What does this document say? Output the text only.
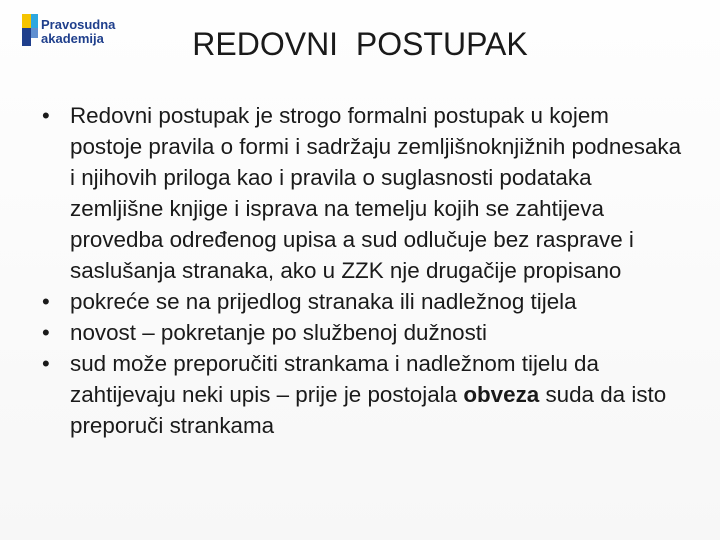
Pravosudna
akademija	REDOVNI  POSTUPAK
• Redovni postupak je strogo formalni postupak u kojem postoje pravila o formi i sadržaju zemljišnoknjižnih podnesaka i njihovih priloga kao i pravila o suglasnosti podataka zemljišne knjige i isprava na temelju kojih se zahtijeva provedba određenog upisa a sud odlučuje bez rasprave i saslušanja stranaka, ako u ZZK nje drugačije propisano
• pokreće se na prijedlog stranaka ili nadležnog tijela
• novost – pokretanje po službenoj dužnosti
• sud može preporučiti strankama i nadležnom tijelu da zahtijevaju neki upis – prije je postojala obveza suda da isto preporuči strankama
